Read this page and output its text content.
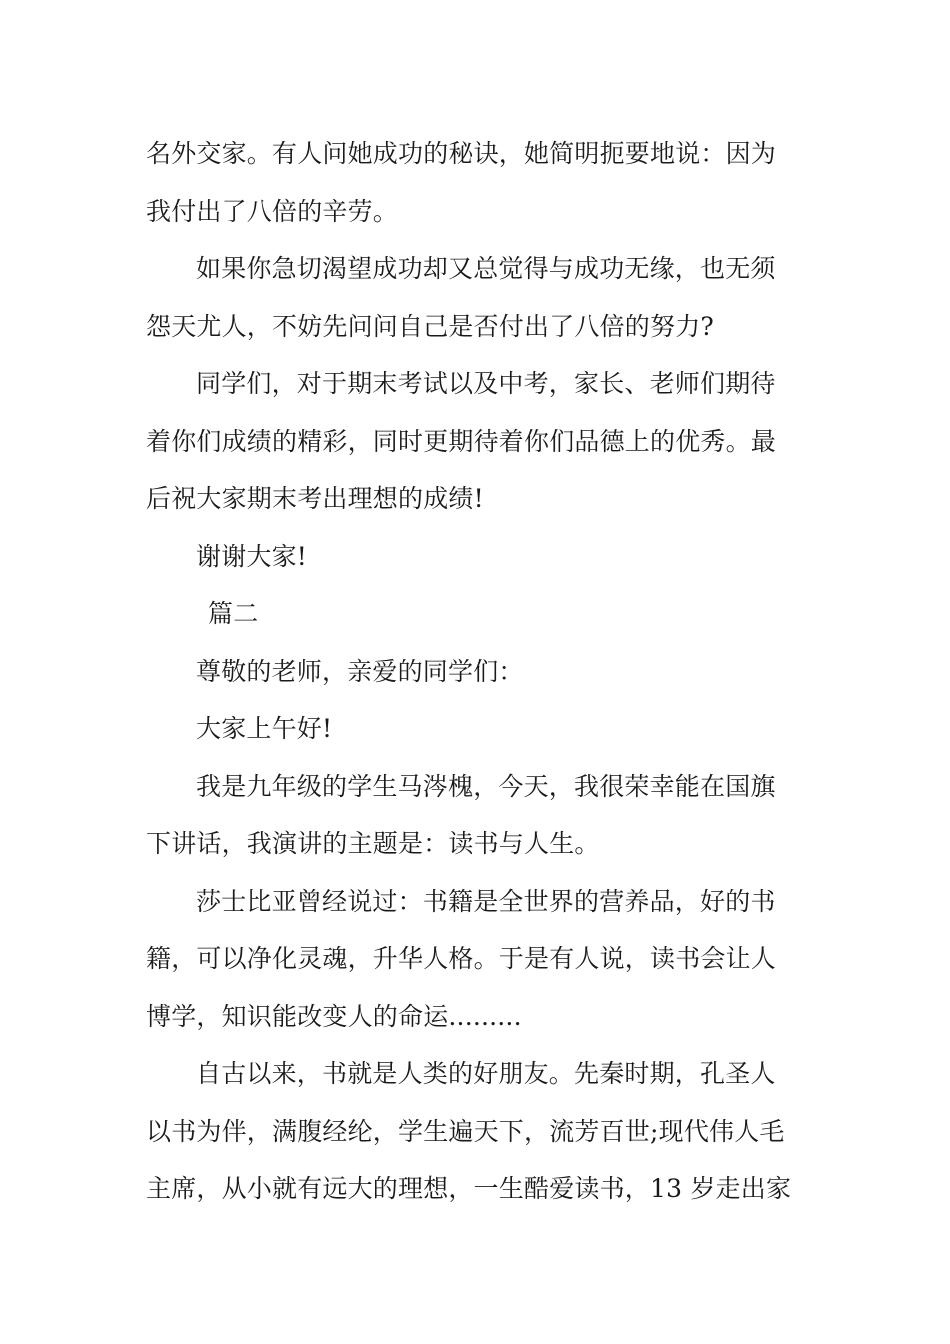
名外交家。有人问她成功的秘诀，她简明扼要地说：因为
我付出了八倍的辛劳。

如果你急切渴望成功却又总觉得与成功无缘，也无须
怨天尤人，不妨先问问自己是否付出了八倍的努力?

同学们，对于期末考试以及中考，家长、老师们期待
着你们成绩的精彩，同时更期待着你们品德上的优秀。最
后祝大家期末考出理想的成绩!

谢谢大家!

篇二

尊敬的老师，亲爱的同学们：

大家上午好!

我是九年级的学生马涔槐，今天，我很荣幸能在国旗
下讲话，我演讲的主题是：读书与人生。

莎士比亚曾经说过：书籍是全世界的营养品，好的书
籍，可以净化灵魂，升华人格。于是有人说，读书会让人
博学，知识能改变人的命运.........

自古以来，书就是人类的好朋友。先秦时期，孔圣人
以书为伴，满腹经纶，学生遍天下，流芳百世;现代伟人毛
主席，从小就有远大的理想，一生酷爱读书，13 岁走出家
